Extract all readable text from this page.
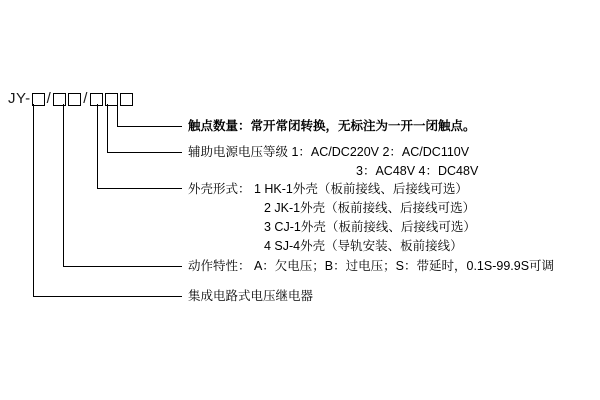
JY- / /
触点数量：常开常闭转换，无标注为一开一闭触点。
辅助电源电压等级 1：AC/DC220V 2：AC/DC110V
3：AC48V 4：DC48V
外壳形式： 1 HK-1外壳（板前接线、后接线可选）
2 JK-1外壳（板前接线、后接线可选）
3 CJ-1外壳（板前接线、后接线可选）
4 SJ-4外壳（导轨安装、板前接线）
动作特性： A：欠电压；B：过电压；S：带延时，0.1S-99.9S可调
集成电路式电压继电器
